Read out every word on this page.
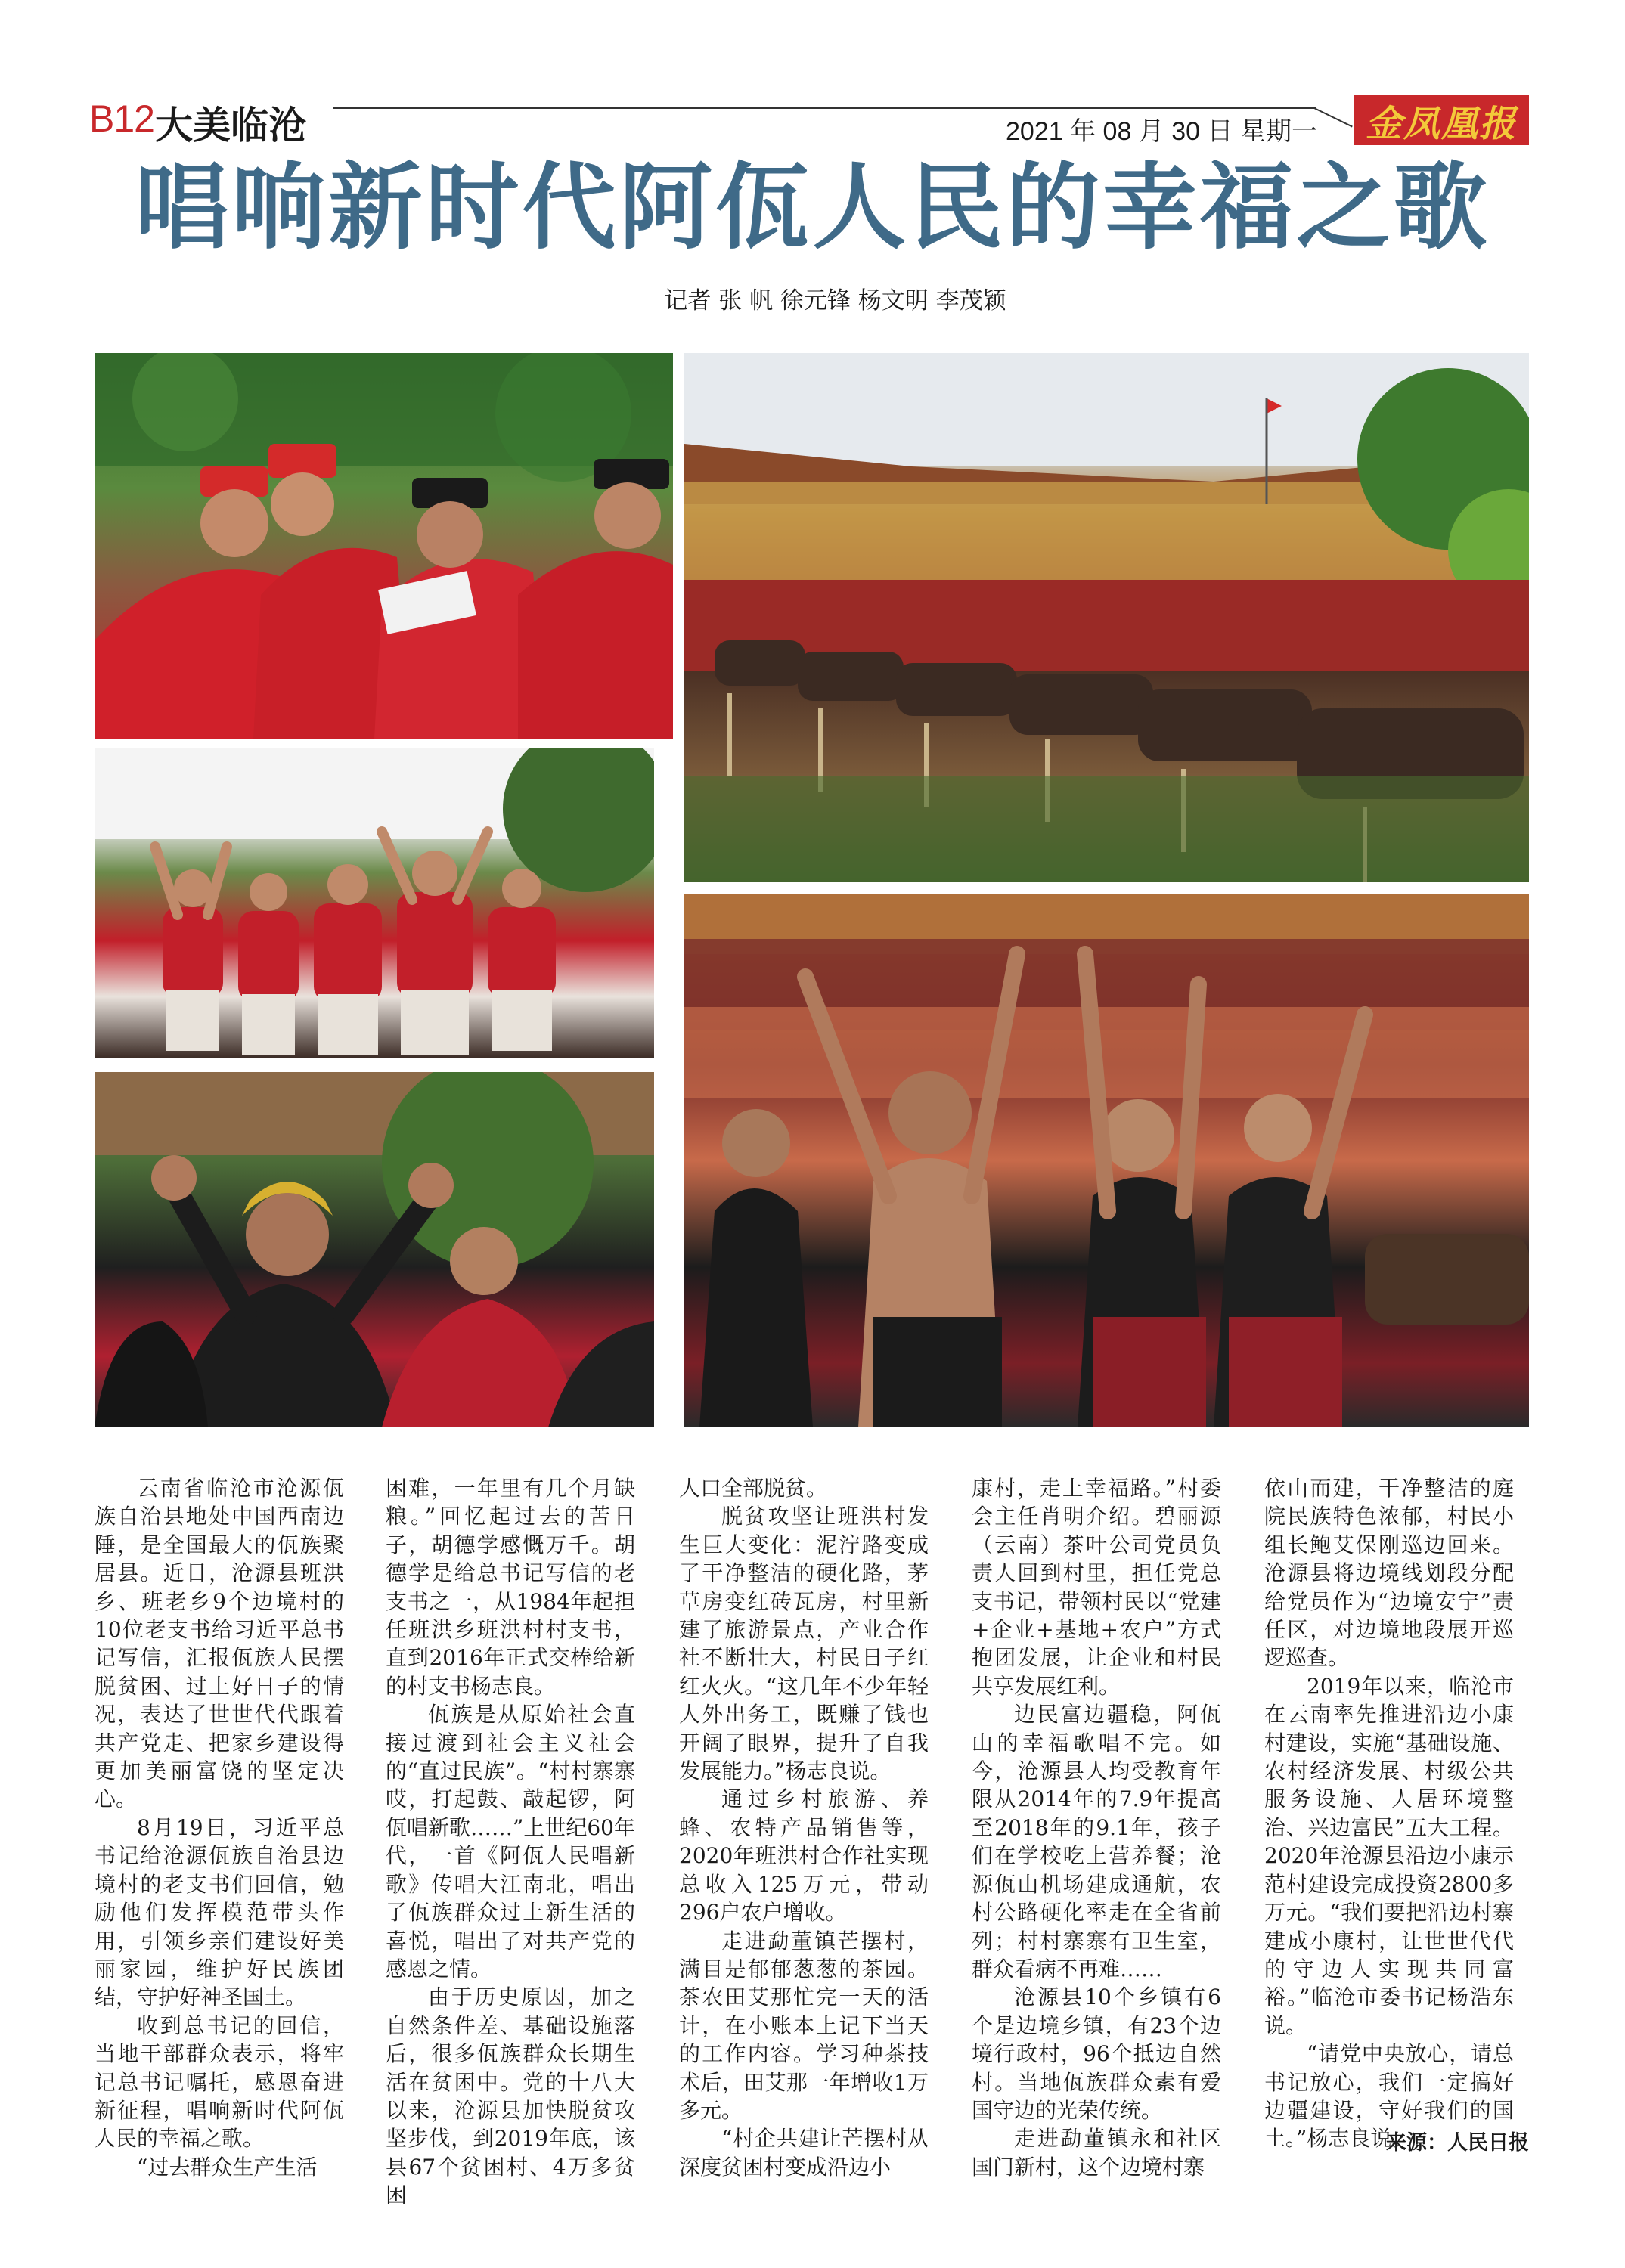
B12 大美临沧	2021 年 08 月 30 日 星期一 金凤凰报
唱响新时代阿佤人民的幸福之歌
记者 张 帆 徐元锋 杨文明 李茂颖

云南省临沧市沧源佤族自治县地处中国西南边陲，是全国最大的佤族聚居县。近日，沧源县班洪乡、班老乡9个边境村的10位老支书给习近平总书记写信，汇报佤族人民摆脱贫困、过上好日子的情况，表达了世世代代跟着共产党走、把家乡建设得更加美丽富饶的坚定决心。

8月19日，习近平总书记给沧源佤族自治县边境村的老支书们回信，勉励他们发挥模范带头作用，引领乡亲们建设好美丽家园，维护好民族团结，守护好神圣国土。

收到总书记的回信，当地干部群众表示，将牢记总书记嘱托，感恩奋进新征程，唱响新时代阿佤人民的幸福之歌。

“过去群众生产生活

困难，一年里有几个月缺粮。”回忆起过去的苦日子，胡德学感慨万千。胡德学是给总书记写信的老支书之一，从1984年起担任班洪乡班洪村村支书，直到2016年正式交棒给新的村支书杨志良。

佤族是从原始社会直接过渡到社会主义社会的“直过民族”。“村村寨寨哎，打起鼓、敲起锣，阿佤唱新歌……”上世纪60年代，一首《阿佤人民唱新歌》传唱大江南北，唱出了佤族群众过上新生活的喜悦，唱出了对共产党的感恩之情。

由于历史原因，加之自然条件差、基础设施落后，很多佤族群众长期生活在贫困中。党的十八大以来，沧源县加快脱贫攻坚步伐，到2019年底，该县67个贫困村、4万多贫困

人口全部脱贫。

脱贫攻坚让班洪村发生巨大变化：泥泞路变成了干净整洁的硬化路，茅草房变红砖瓦房，村里新建了旅游景点，产业合作社不断壮大，村民日子红红火火。“这几年不少年轻人外出务工，既赚了钱也开阔了眼界，提升了自我发展能力。”杨志良说。

通过乡村旅游、养蜂、农特产品销售等，2020年班洪村合作社实现总收入125万元，带动296户农户增收。

走进勐董镇芒摆村，满目是郁郁葱葱的茶园。茶农田艾那忙完一天的活计，在小账本上记下当天的工作内容。学习种茶技术后，田艾那一年增收1万多元。

“村企共建让芒摆村从深度贫困村变成沿边小

康村，走上幸福路。”村委会主任肖明介绍。碧丽源（云南）茶叶公司党员负责人回到村里，担任党总支书记，带领村民以“党建+企业+基地+农户”方式抱团发展，让企业和村民共享发展红利。

边民富边疆稳，阿佤山的幸福歌唱不完。如今，沧源县人均受教育年限从2014年的7.9年提高至2018年的9.1年，孩子们在学校吃上营养餐；沧源佤山机场建成通航，农村公路硬化率走在全省前列；村村寨寨有卫生室，群众看病不再难……

沧源县10个乡镇有6个是边境乡镇，有23个边境行政村，96个抵边自然村。当地佤族群众素有爱国守边的光荣传统。

走进勐董镇永和社区国门新村，这个边境村寨

依山而建，干净整洁的庭院民族特色浓郁，村民小组长鲍艾保刚巡边回来。沧源县将边境线划段分配给党员作为“边境安宁”责任区，对边境地段展开巡逻巡查。

2019年以来，临沧市在云南率先推进沿边小康村建设，实施“基础设施、农村经济发展、村级公共服务设施、人居环境整治、兴边富民”五大工程。2020年沧源县沿边小康示范村建设完成投资2800多万元。“我们要把沿边村寨建成小康村，让世世代代的守边人实现共同富裕。”临沧市委书记杨浩东说。

“请党中央放心，请总书记放心，我们一定搞好边疆建设，守好我们的国土。”杨志良说。

来源：人民日报
